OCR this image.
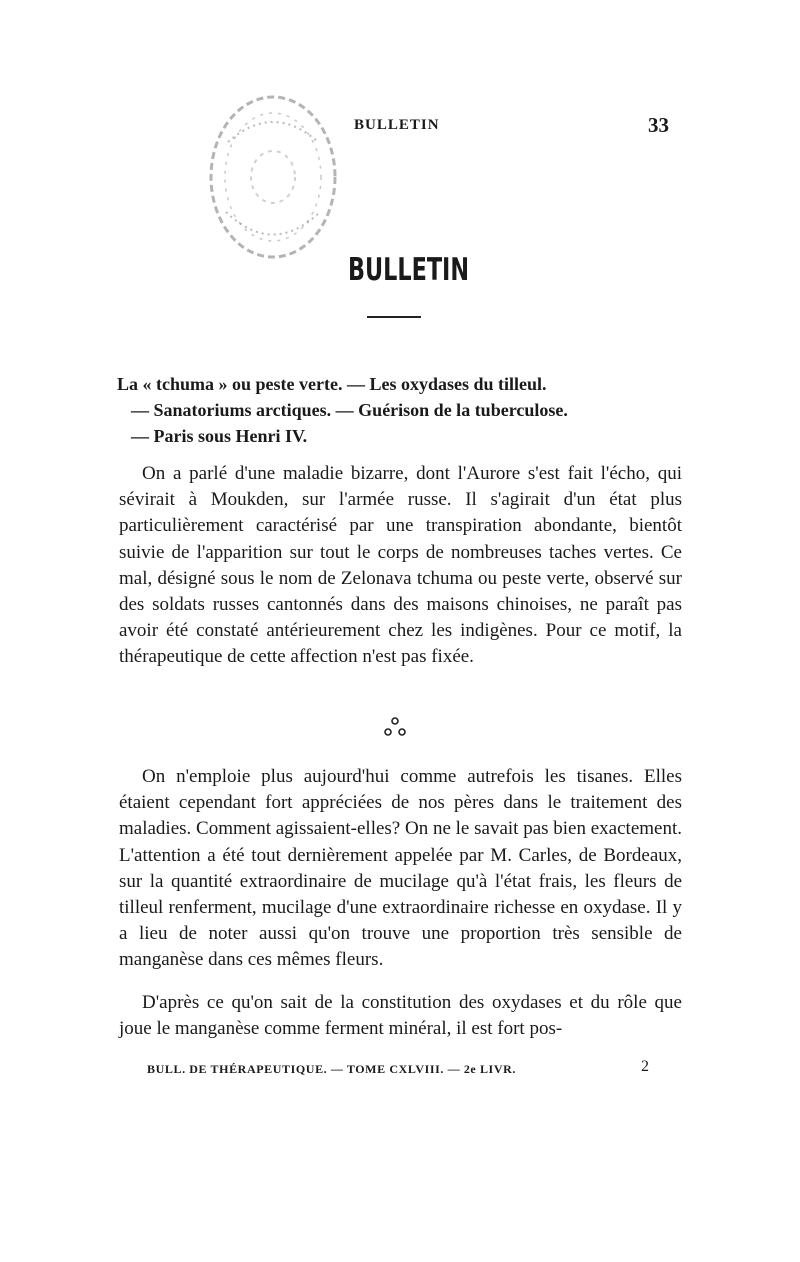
BULLETIN	33
BULLETIN
La « tchuma » ou peste verte. — Les oxydases du tilleul.
— Sanatoriums arctiques. — Guérison de la tuberculose.
— Paris sous Henri IV.

On a parlé d'une maladie bizarre, dont l'Aurore s'est fait l'écho, qui sévirait à Moukden, sur l'armée russe. Il s'agirait d'un état plus particulièrement caractérisé par une transpiration abondante, bientôt suivie de l'apparition sur tout le corps de nombreuses taches vertes. Ce mal, désigné sous le nom de Zelonava tchuma ou peste verte, observé sur des soldats russes cantonnés dans des maisons chinoises, ne paraît pas avoir été constaté antérieurement chez les indigènes. Pour ce motif, la thérapeutique de cette affection n'est pas fixée.

On n'emploie plus aujourd'hui comme autrefois les tisanes. Elles étaient cependant fort appréciées de nos pères dans le traitement des maladies. Comment agissaient-elles? On ne le savait pas bien exactement. L'attention a été tout dernièrement appelée par M. Carles, de Bordeaux, sur la quantité extraordinaire de mucilage qu'à l'état frais, les fleurs de tilleul renferment, mucilage d'une extraordinaire richesse en oxydase. Il y a lieu de noter aussi qu'on trouve une proportion très sensible de manganèse dans ces mêmes fleurs.

D'après ce qu'on sait de la constitution des oxydases et du rôle que joue le manganèse comme ferment minéral, il est fort pos-

BULL. DE THÉRAPEUTIQUE. — TOME CXLVIII. — 2e LIVR.	2
